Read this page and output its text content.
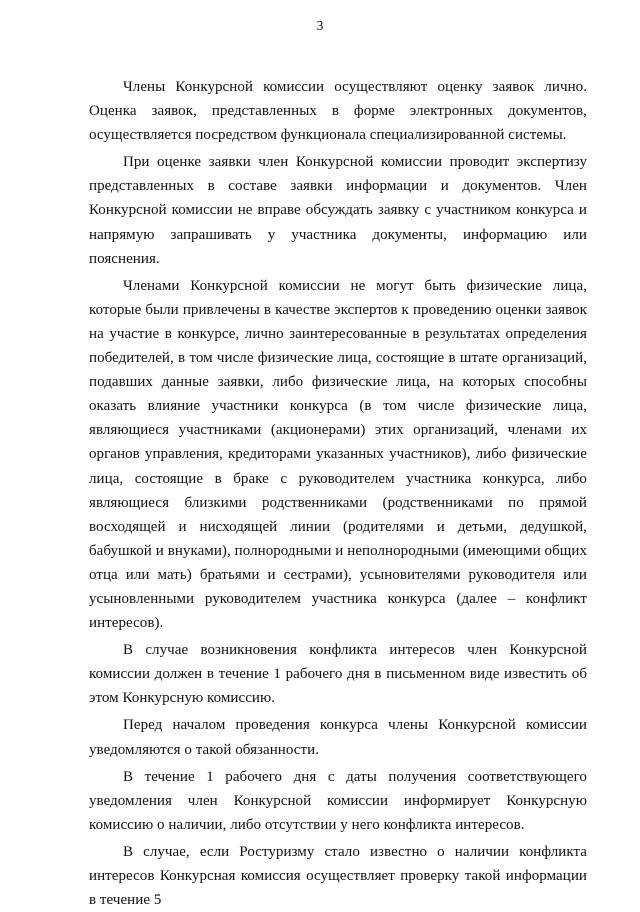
3

Члены Конкурсной комиссии осуществляют оценку заявок лично. Оценка заявок, представленных в форме электронных документов, осуществляется посредством функционала специализированной системы.

При оценке заявки член Конкурсной комиссии проводит экспертизу представленных в составе заявки информации и документов. Член Конкурсной комиссии не вправе обсуждать заявку с участником конкурса и напрямую запрашивать у участника документы, информацию или пояснения.

Членами Конкурсной комиссии не могут быть физические лица, которые были привлечены в качестве экспертов к проведению оценки заявок на участие в конкурсе, лично заинтересованные в результатах определения победителей, в том числе физические лица, состоящие в штате организаций, подавших данные заявки, либо физические лица, на которых способны оказать влияние участники конкурса (в том числе физические лица, являющиеся участниками (акционерами) этих организаций, членами их органов управления, кредиторами указанных участников), либо физические лица, состоящие в браке с руководителем участника конкурса, либо являющиеся близкими родственниками (родственниками по прямой восходящей и нисходящей линии (родителями и детьми, дедушкой, бабушкой и внуками), полнородными и неполнородными (имеющими общих отца или мать) братьями и сестрами), усыновителями руководителя или усыновленными руководителем участника конкурса (далее – конфликт интересов).

В случае возникновения конфликта интересов член Конкурсной комиссии должен в течение 1 рабочего дня в письменном виде известить об этом Конкурсную комиссию.

Перед началом проведения конкурса члены Конкурсной комиссии уведомляются о такой обязанности.

В течение 1 рабочего дня с даты получения соответствующего уведомления член Конкурсной комиссии информирует Конкурсную комиссию о наличии, либо отсутствии у него конфликта интересов.

В случае, если Ростуризму стало известно о наличии конфликта интересов Конкурсная комиссия осуществляет проверку такой информации в течение 5
